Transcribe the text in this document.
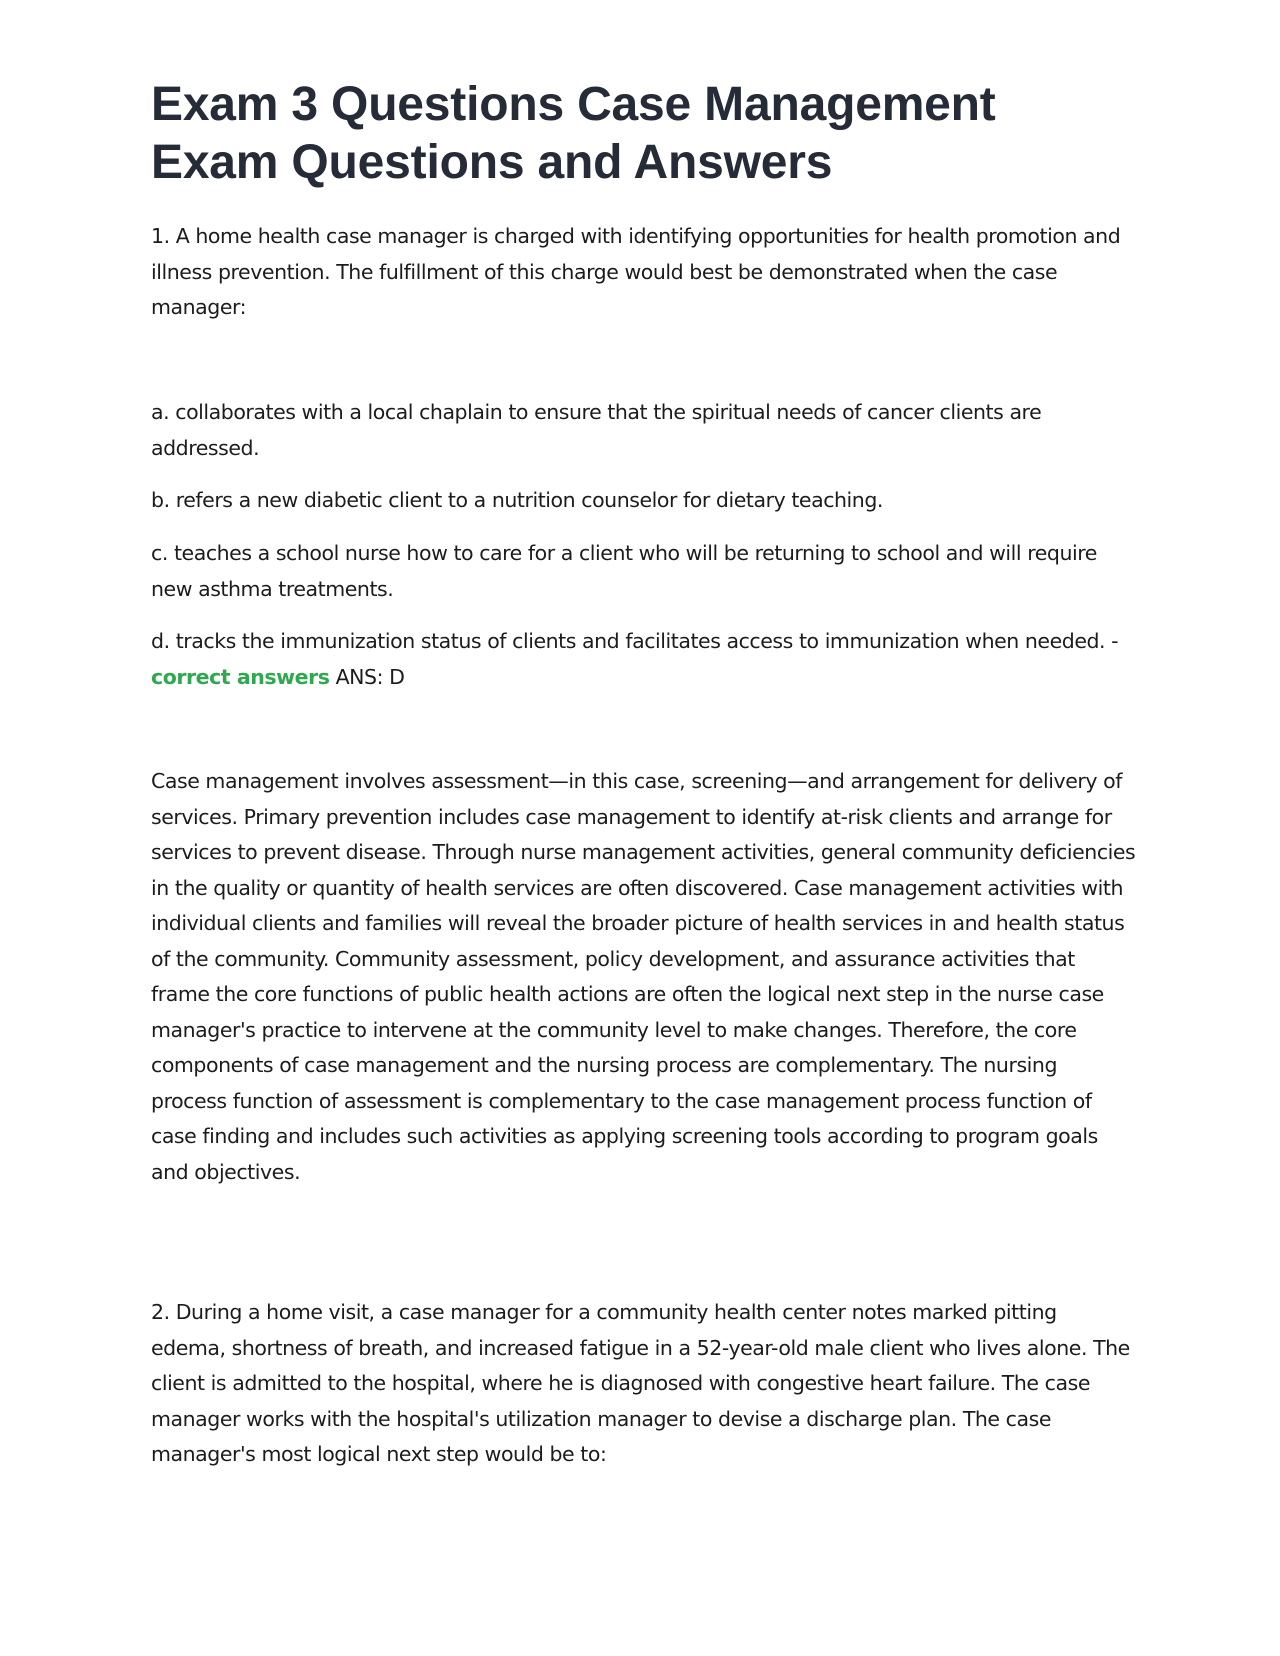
Exam 3 Questions Case Management Exam Questions and Answers

1. A home health case manager is charged with identifying opportunities for health promotion and illness prevention. The fulfillment of this charge would best be demonstrated when the case manager:

a. collaborates with a local chaplain to ensure that the spiritual needs of cancer clients are addressed.

b. refers a new diabetic client to a nutrition counselor for dietary teaching.

c. teaches a school nurse how to care for a client who will be returning to school and will require new asthma treatments.

d. tracks the immunization status of clients and facilitates access to immunization when needed. - correct answers ANS: D

Case management involves assessment—in this case, screening—and arrangement for delivery of services. Primary prevention includes case management to identify at-risk clients and arrange for services to prevent disease. Through nurse management activities, general community deficiencies in the quality or quantity of health services are often discovered. Case management activities with individual clients and families will reveal the broader picture of health services in and health status of the community. Community assessment, policy development, and assurance activities that frame the core functions of public health actions are often the logical next step in the nurse case manager's practice to intervene at the community level to make changes. Therefore, the core components of case management and the nursing process are complementary. The nursing process function of assessment is complementary to the case management process function of case finding and includes such activities as applying screening tools according to program goals and objectives.

2. During a home visit, a case manager for a community health center notes marked pitting edema, shortness of breath, and increased fatigue in a 52-year-old male client who lives alone. The client is admitted to the hospital, where he is diagnosed with congestive heart failure. The case manager works with the hospital's utilization manager to devise a discharge plan. The case manager's most logical next step would be to:
